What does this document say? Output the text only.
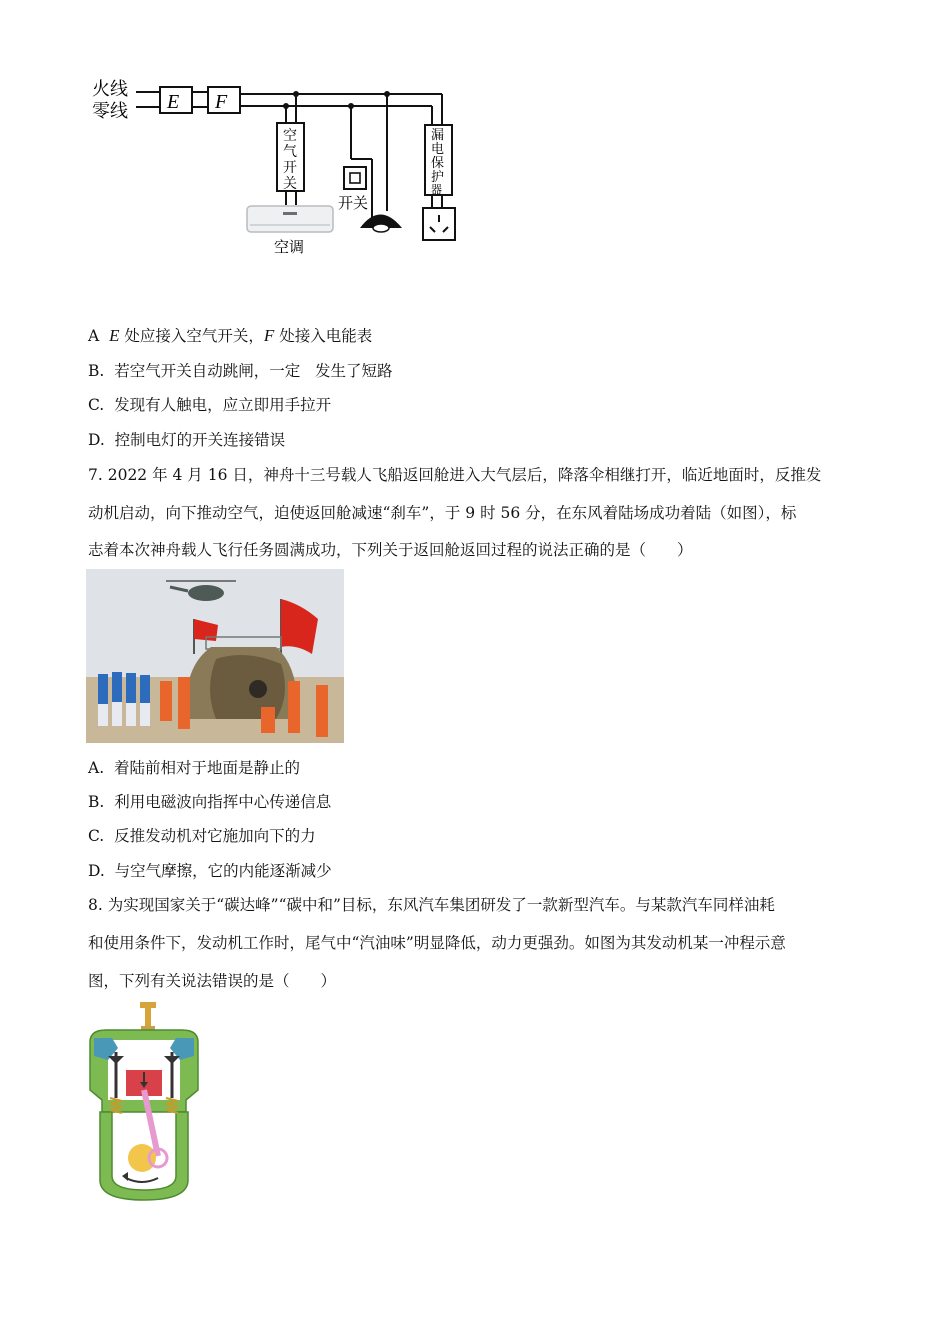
火线
零线 E F
空
气
开
关
空调
开关
漏
电
保
护
器
A E 处应接入空气开关，F 处接入电能表
B. 若空气开关自动跳闸，一定   发生了短路
C. 发现有人触电，应立即用手拉开
D. 控制电灯的开关连接错误
7. 2022 年 4 月 16 日，神舟十三号载人飞船返回舱进入大气层后，降落伞相继打开，临近地面时，反推发
动机启动，向下推动空气，迫使返回舱减速“刹车”，于 9 时 56 分，在东风着陆场成功着陆（如图），标
志着本次神舟载人飞行任务圆满成功，下列关于返回舱返回过程的说法正确的是（　　）
A. 着陆前相对于地面是静止的
B. 利用电磁波向指挥中心传递信息
C. 反推发动机对它施加向下的力
D. 与空气摩擦，它的内能逐渐减少
8. 为实现国家关于“碳达峰”“碳中和”目标，东风汽车集团研发了一款新型汽车。与某款汽车同样油耗
和使用条件下，发动机工作时，尾气中“汽油味”明显降低，动力更强劲。如图为其发动机某一冲程示意
图，下列有关说法错误的是（　　）
